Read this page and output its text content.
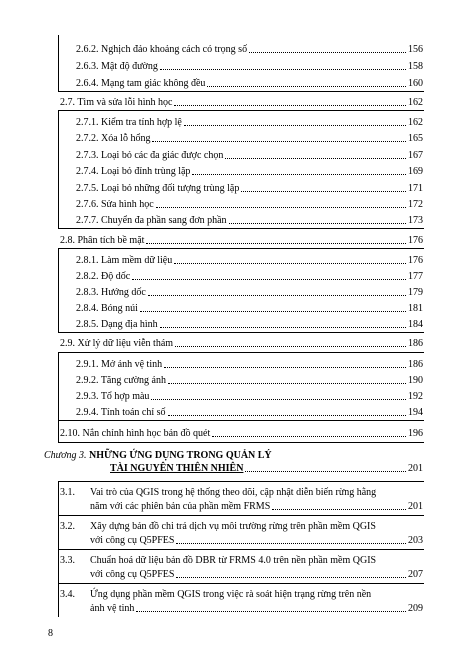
2.6.2. Nghịch đảo khoảng cách có trọng số	156
2.6.3. Mật độ đường	158
2.6.4. Mạng tam giác không đều	160
2.7. Tìm và sửa lỗi hình học	162
2.7.1. Kiểm tra tính hợp lệ	162
2.7.2. Xóa lỗ hổng	165
2.7.3. Loại bỏ các đa giác được chọn	167
2.7.4. Loại bỏ đỉnh trùng lặp	169
2.7.5. Loại bỏ những đối tượng trùng lặp	171
2.7.6. Sửa hình học	172
2.7.7. Chuyển đa phần sang đơn phần	173
2.8. Phân tích bề mặt	176
2.8.1. Làm mềm dữ liệu	176
2.8.2. Độ dốc	177
2.8.3. Hướng dốc	179
2.8.4. Bóng núi	181
2.8.5. Dạng địa hình	184
2.9. Xử lý dữ liệu viễn thám	186
2.9.1. Mở ảnh vệ tinh	186
2.9.2. Tăng cường ảnh	190
2.9.3. Tổ hợp màu	192
2.9.4. Tính toán chỉ số	194
2.10. Nắn chỉnh hình học bản đồ quét	196
Chương 3. NHỮNG ỨNG DỤNG TRONG QUẢN LÝ
TÀI NGUYÊN THIÊN NHIÊN	201
3.1. Vai trò của QGIS trong hệ thống theo dõi, cập nhật diễn biến rừng hằng
năm với các phiên bản của phần mềm FRMS	201
3.2. Xây dựng bản đồ chi trả dịch vụ môi trường rừng trên phần mềm QGIS
với công cụ Q5PFES	203
3.3. Chuẩn hoá dữ liệu bản đồ DBR từ FRMS 4.0 trên nền phần mềm QGIS
với công cụ Q5PFES	207
3.4. Ứng dụng phần mềm QGIS trong việc rà soát hiện trạng rừng trên nền
ảnh vệ tinh	209
8
